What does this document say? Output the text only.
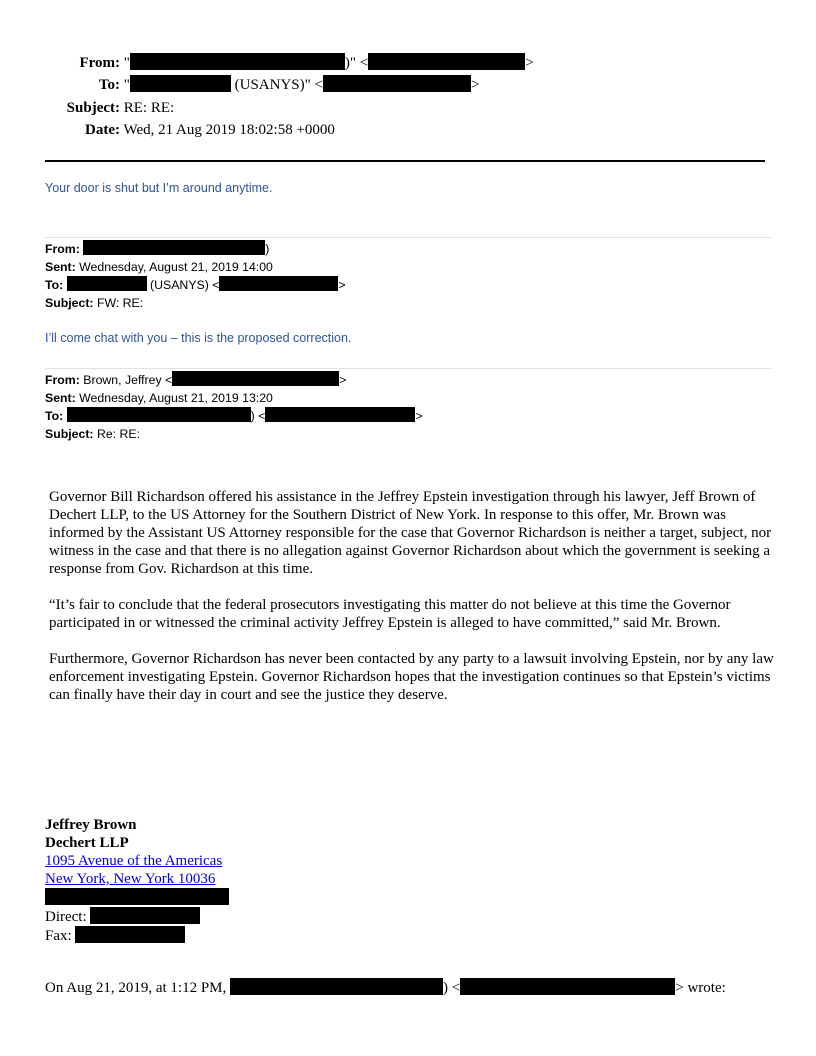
From: "	)" <	>
To: "	(USANYS)" <	>
Subject: RE: RE:
Date: Wed, 21 Aug 2019 18:02:58 +0000
Your door is shut but I’m around anytime.
From:	)
Sent: Wednesday, August 21, 2019 14:00
To:	(USANYS) <	>
Subject: FW: RE:
I’ll come chat with you – this is the proposed correction.
From: Brown, Jeffrey <	>
Sent: Wednesday, August 21, 2019 13:20
To:	) <	>
Subject: Re: RE:

Governor Bill Richardson offered his assistance in the Jeffrey Epstein investigation through his lawyer, Jeff Brown of Dechert LLP, to the US Attorney for the Southern District of New York. In response to this offer, Mr. Brown was informed by the Assistant US Attorney responsible for the case that Governor Richardson is neither a target, subject, nor witness in the case and that there is no allegation against Governor Richardson about which the government is seeking a response from Gov. Richardson at this time.

“It’s fair to conclude that the federal prosecutors investigating this matter do not believe at this time the Governor participated in or witnessed the criminal activity Jeffrey Epstein is alleged to have committed,” said Mr. Brown.

Furthermore, Governor Richardson has never been contacted by any party to a lawsuit involving Epstein, nor by any law enforcement investigating Epstein. Governor Richardson hopes that the investigation continues so that Epstein’s victims can finally have their day in court and see the justice they deserve.

Jeffrey Brown
Dechert LLP
1095 Avenue of the Americas
New York, New York 10036
Direct:
Fax:
On Aug 21, 2019, at 1:12 PM,	) <	> wrote:
